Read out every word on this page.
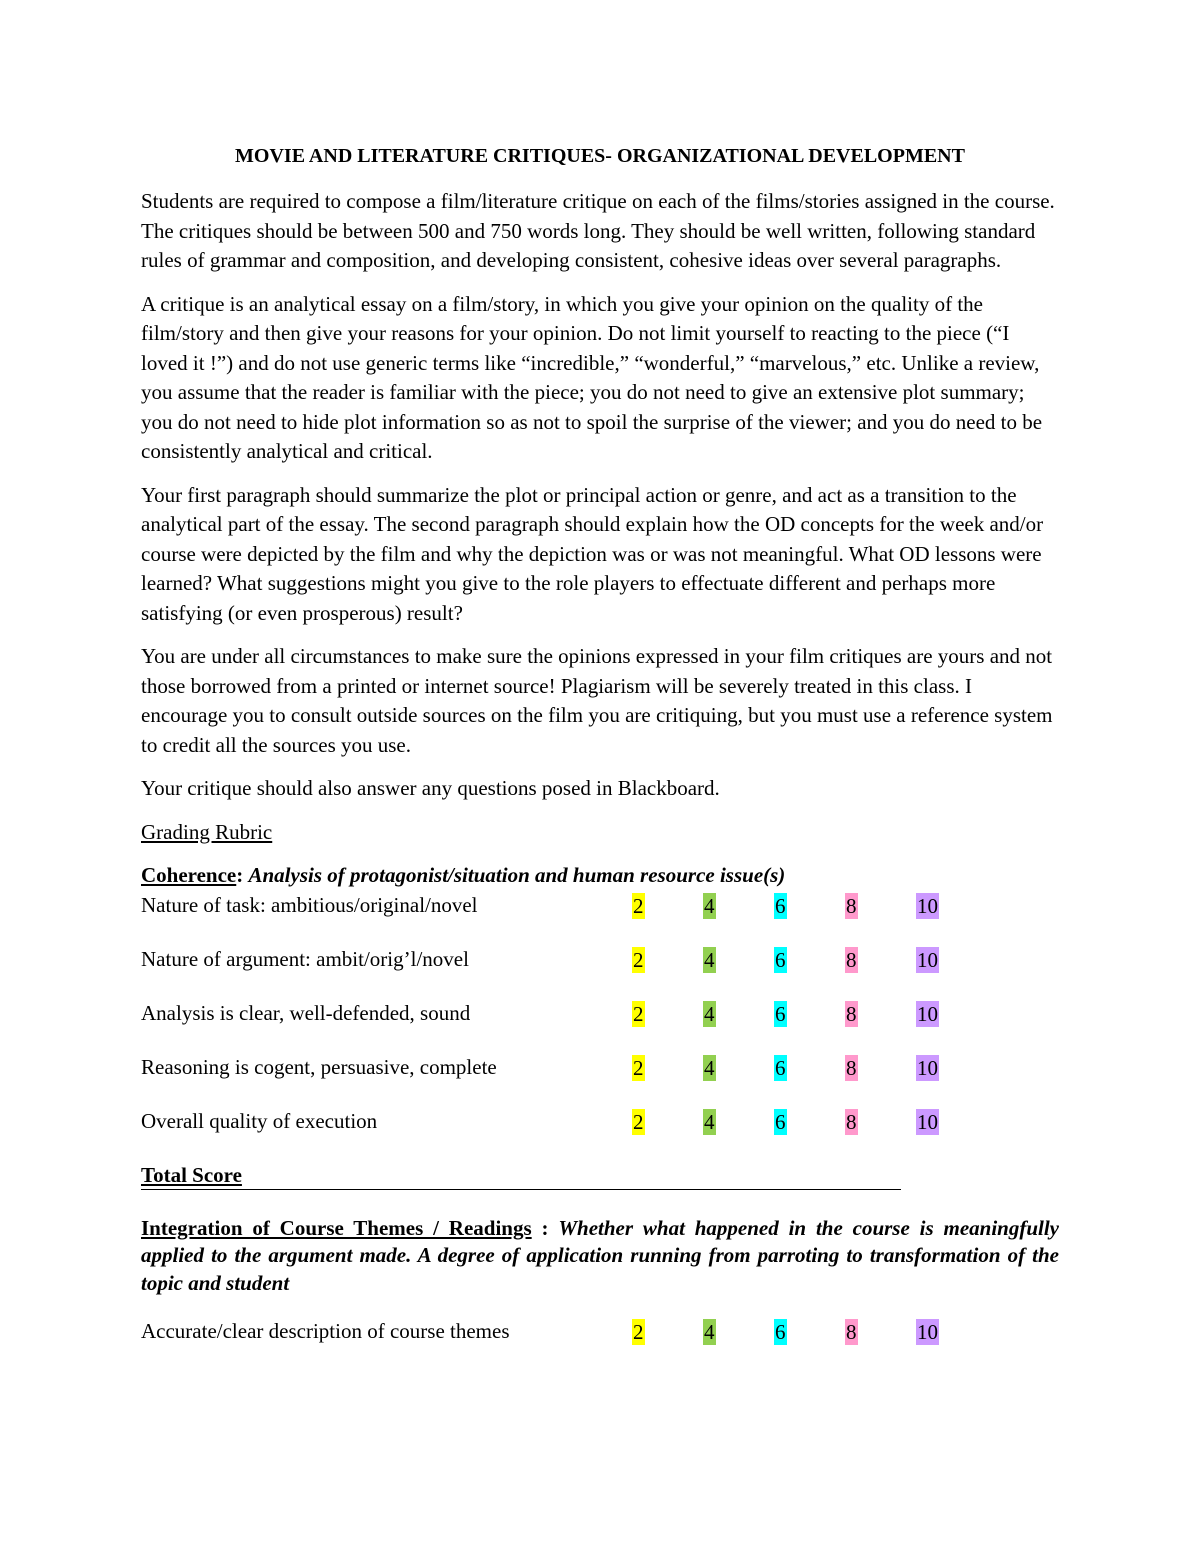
MOVIE AND LITERATURE CRITIQUES- ORGANIZATIONAL DEVELOPMENT

Students are required to compose a film/literature critique on each of the films/stories assigned in the course. The critiques should be between 500 and 750 words long. They should be well written, following standard rules of grammar and composition, and developing consistent, cohesive ideas over several paragraphs.

A critique is an analytical essay on a film/story, in which you give your opinion on the quality of the film/story and then give your reasons for your opinion. Do not limit yourself to reacting to the piece (“I loved it !”) and do not use generic terms like “incredible,” “wonderful,” “marvelous,” etc. Unlike a review, you assume that the reader is familiar with the piece; you do not need to give an extensive plot summary; you do not need to hide plot information so as not to spoil the surprise of the viewer; and you do need to be consistently analytical and critical.

Your first paragraph should summarize the plot or principal action or genre, and act as a transition to the analytical part of the essay. The second paragraph should explain how the OD concepts for the week and/or course were depicted by the film and why the depiction was or was not meaningful. What OD lessons were learned? What suggestions might you give to the role players to effectuate different and perhaps more satisfying (or even prosperous) result?

You are under all circumstances to make sure the opinions expressed in your film critiques are yours and not those borrowed from a printed or internet source! Plagiarism will be severely treated in this class. I encourage you to consult outside sources on the film you are critiquing, but you must use a reference system to credit all the sources you use.

Your critique should also answer any questions posed in Blackboard.

Grading Rubric

Coherence: Analysis of protagonist/situation and human resource issue(s)
Nature of task: ambitious/original/novel	2	4	6	8	10
Nature of argument: ambit/orig’l/novel	2	4	6	8	10
Analysis is clear, well-defended, sound	2	4	6	8	10
Reasoning is cogent, persuasive, complete	2	4	6	8	10
Overall quality of execution	2	4	6	8	10
Total Score
Integration of Course Themes / Readings : Whether what happened in the course is meaningfully applied to the argument made. A degree of application running from parroting to transformation of the topic and student
Accurate/clear description of course themes	2	4	6	8	10
